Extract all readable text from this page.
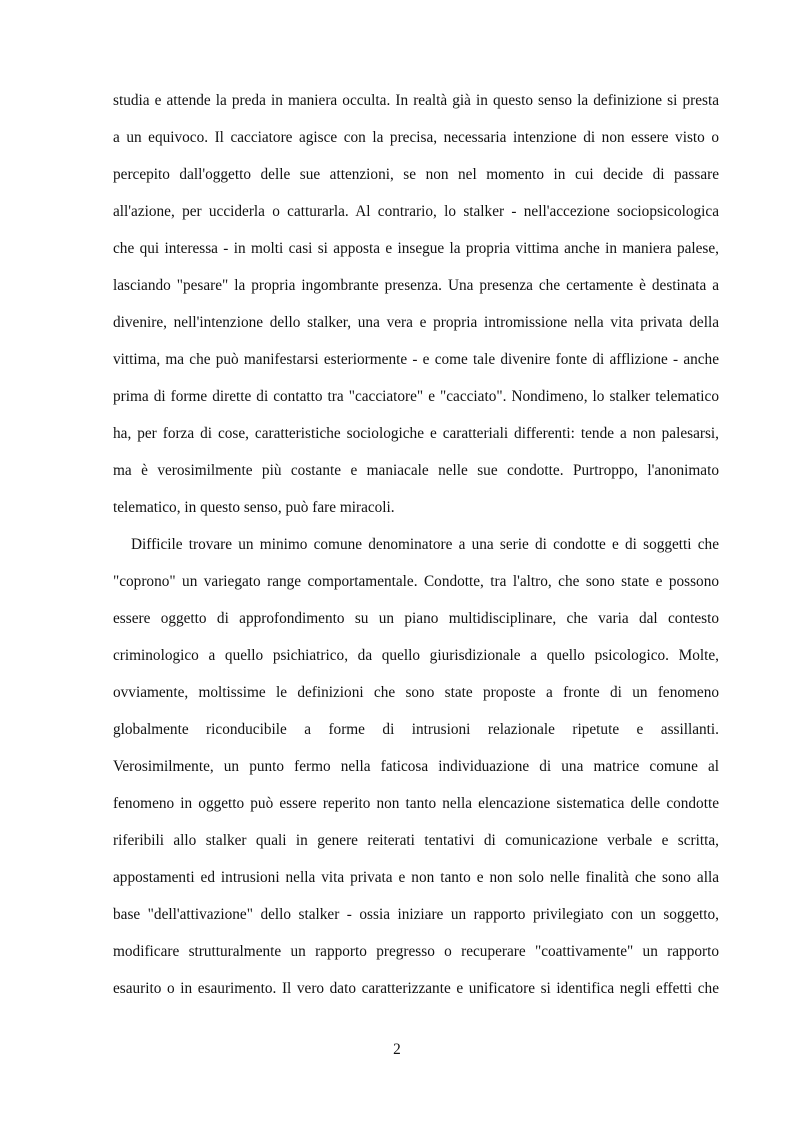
studia e attende la preda in maniera occulta. In realtà già in questo senso la definizione si presta
a un equivoco. Il cacciatore agisce con la precisa, necessaria intenzione di non essere visto o
percepito dall'oggetto delle sue attenzioni, se non nel momento in cui decide di passare
all'azione, per ucciderla o catturarla. Al contrario, lo stalker - nell'accezione sociopsicologica
che qui interessa - in molti casi si apposta e insegue la propria vittima anche in maniera palese,
lasciando "pesare" la propria ingombrante presenza. Una presenza che certamente è destinata a
divenire, nell'intenzione dello stalker, una vera e propria intromissione nella vita privata della
vittima, ma che può manifestarsi esteriormente - e come tale divenire fonte di afflizione - anche
prima di forme dirette di contatto tra "cacciatore" e "cacciato". Nondimeno, lo stalker telematico
ha, per forza di cose, caratteristiche sociologiche e caratteriali differenti: tende a non palesarsi,
ma è verosimilmente più costante e maniacale nelle sue condotte. Purtroppo, l'anonimato
telematico, in questo senso, può fare miracoli.
Difficile trovare un minimo comune denominatore a una serie di condotte e di soggetti che
"coprono" un variegato range comportamentale. Condotte, tra l'altro, che sono state e possono
essere oggetto di approfondimento su un piano multidisciplinare, che varia dal contesto
criminologico a quello psichiatrico, da quello giurisdizionale a quello psicologico. Molte,
ovviamente, moltissime le definizioni che sono state proposte a fronte di un fenomeno
globalmente riconducibile a forme di intrusioni relazionale ripetute e assillanti.
Verosimilmente, un punto fermo nella faticosa individuazione di una matrice comune al
fenomeno in oggetto può essere reperito non tanto nella elencazione sistematica delle condotte
riferibili allo stalker quali in genere reiterati tentativi di comunicazione verbale e scritta,
appostamenti ed intrusioni nella vita privata e non tanto e non solo nelle finalità che sono alla
base "dell'attivazione" dello stalker - ossia iniziare un rapporto privilegiato con un soggetto,
modificare strutturalmente un rapporto pregresso o recuperare "coattivamente" un rapporto
esaurito o in esaurimento. Il vero dato caratterizzante e unificatore si identifica negli effetti che
2
